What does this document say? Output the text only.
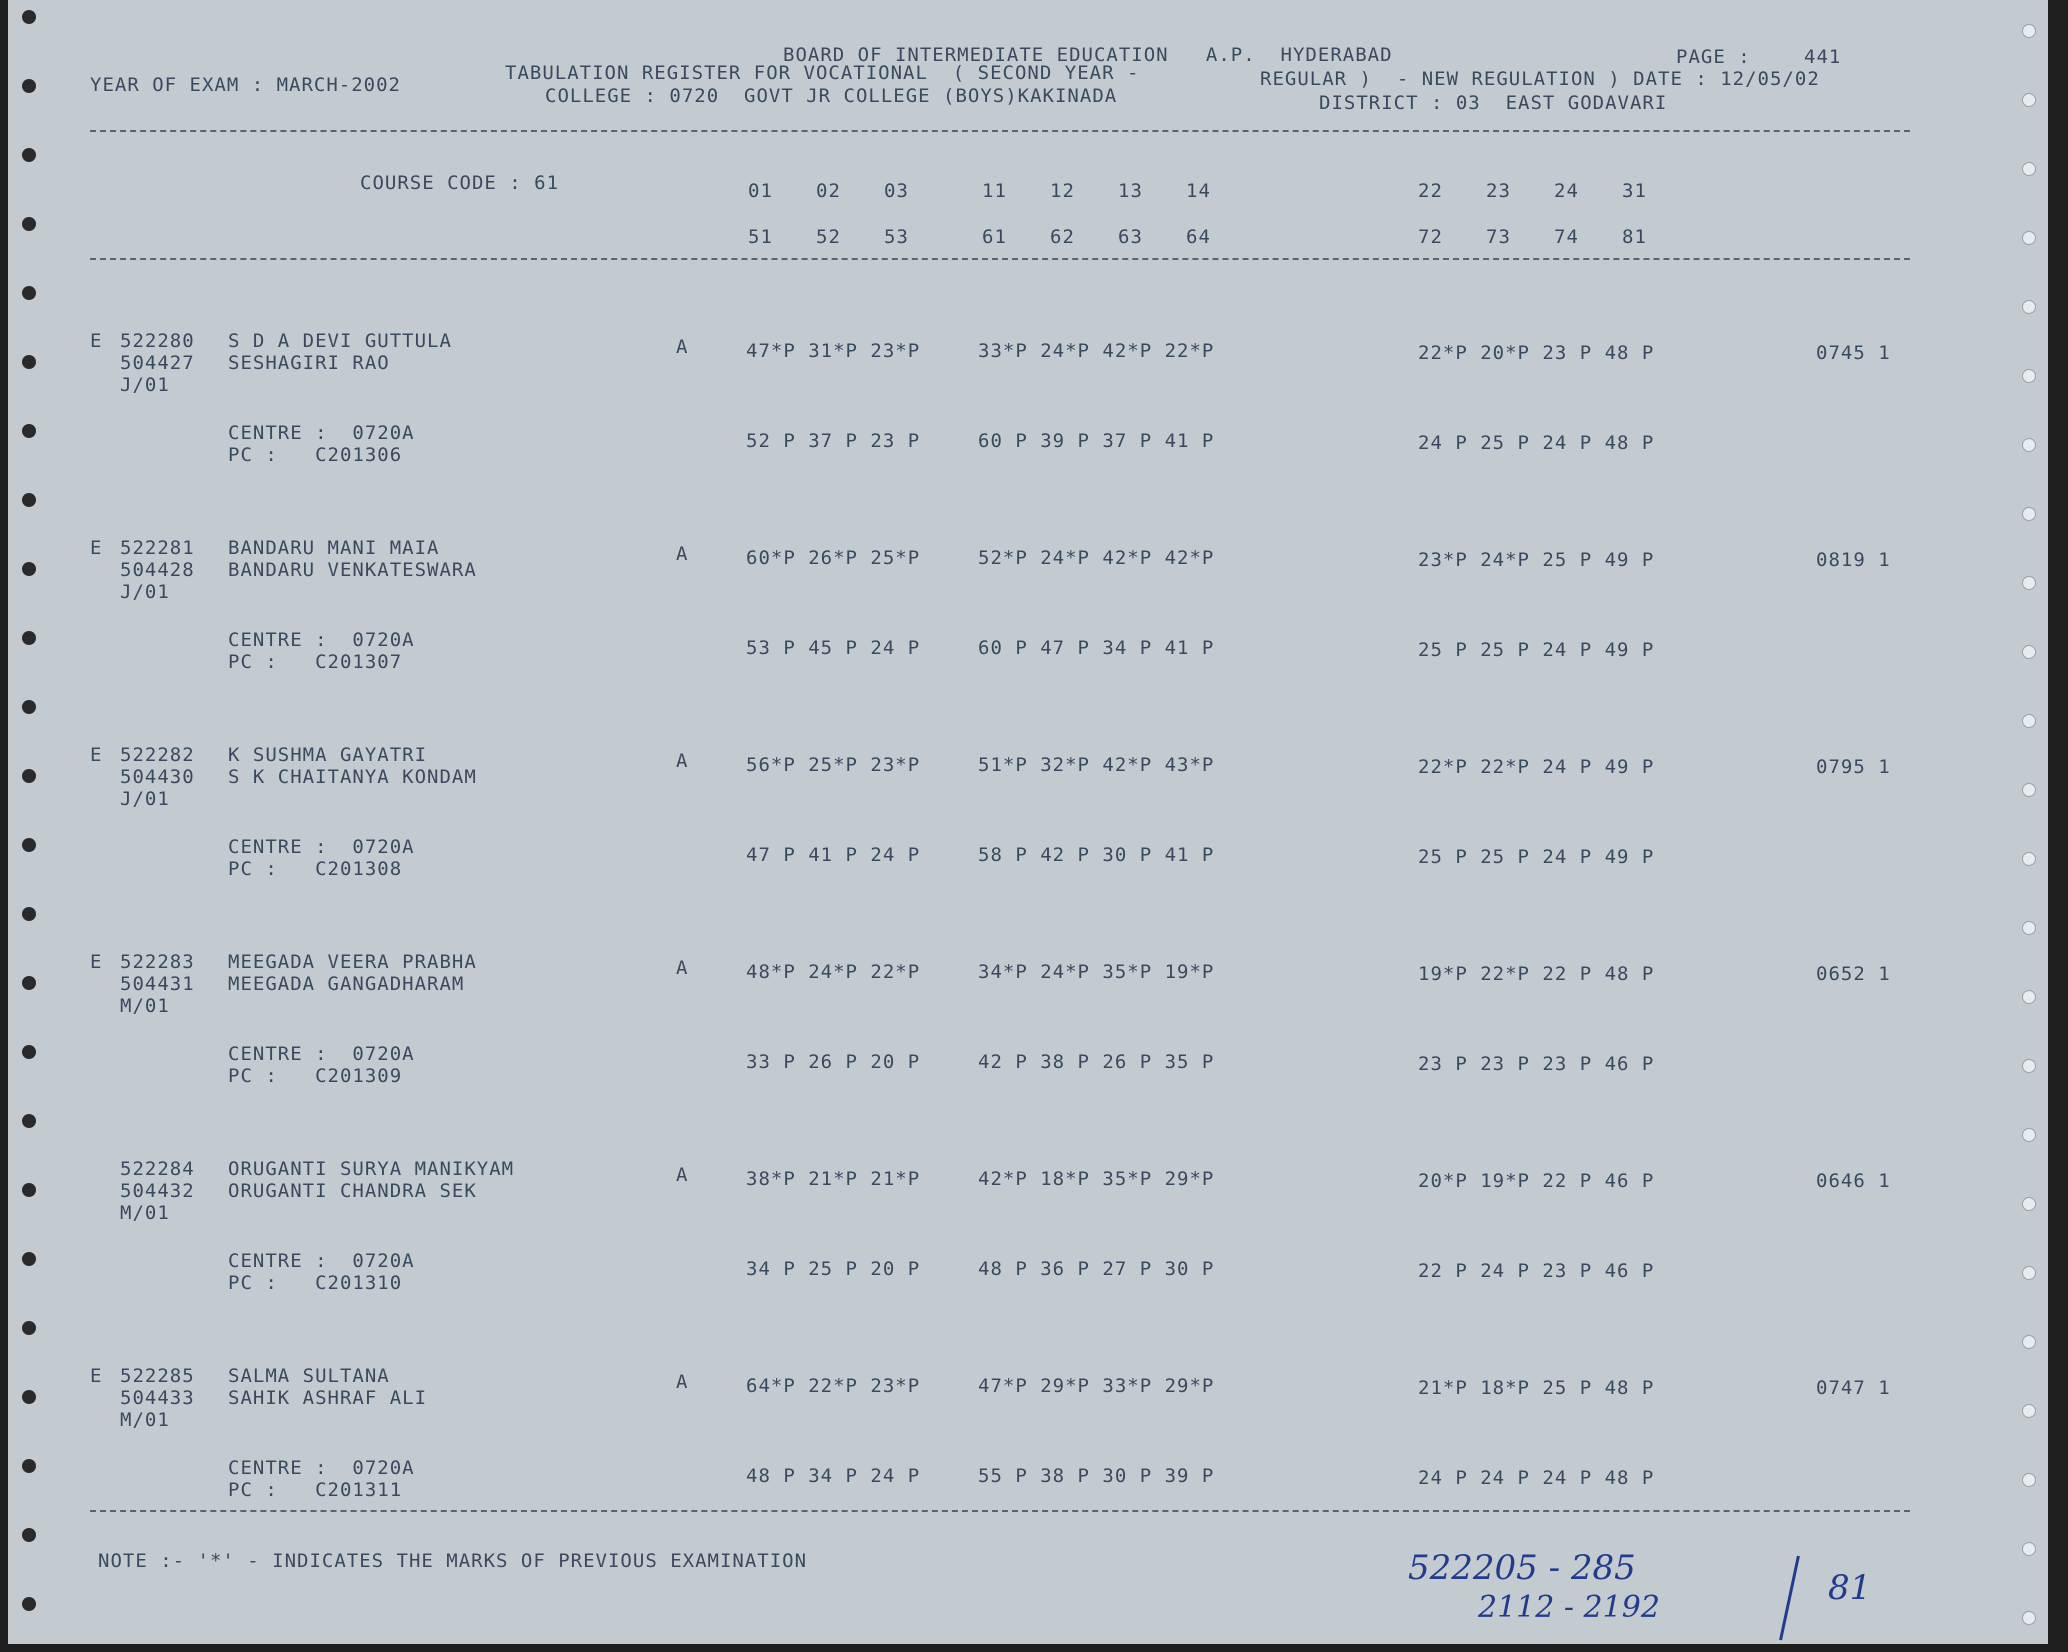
YEAR OF EXAM : MARCH-2002
BOARD OF INTERMEDIATE EDUCATION   A.P.  HYDERABAD	PAGE :	441
TABULATION REGISTER FOR VOCATIONAL  ( SECOND YEAR -	REGULAR )  - NEW REGULATION ) DATE : 12/05/02
COLLEGE : 0720  GOVT JR COLLEGE (BOYS)KAKINADA	DISTRICT : 03  EAST GODAVARI
COURSE CODE : 61	01 02 03	11 12 13 14	22 23 24 31
51 52 53	61 62 63 64	72 73 74 81
E 522280 S D A DEVI GUTTULA
504427 SESHAGIRI RAO
J/01
A	47*P 31*P 23*P	33*P 24*P 42*P 22*P	22*P 20*P 23 P 48 P	0745 1
CENTRE :  0720A
PC :   C201306
52 P 37 P 23 P	60 P 39 P 37 P 41 P	24 P 25 P 24 P 48 P
E 522281 BANDARU MANI MAIA
504428 BANDARU VENKATESWARA
J/01
A	60*P 26*P 25*P	52*P 24*P 42*P 42*P	23*P 24*P 25 P 49 P	0819 1
CENTRE :  0720A
PC :   C201307
53 P 45 P 24 P	60 P 47 P 34 P 41 P	25 P 25 P 24 P 49 P
E 522282 K SUSHMA GAYATRI
504430 S K CHAITANYA KONDAM
J/01
A	56*P 25*P 23*P	51*P 32*P 42*P 43*P	22*P 22*P 24 P 49 P	0795 1
CENTRE :  0720A
PC :   C201308
47 P 41 P 24 P	58 P 42 P 30 P 41 P	25 P 25 P 24 P 49 P
E 522283 MEEGADA VEERA PRABHA
504431 MEEGADA GANGADHARAM
M/01
A	48*P 24*P 22*P	34*P 24*P 35*P 19*P	19*P 22*P 22 P 48 P	0652 1
CENTRE :  0720A
PC :   C201309
33 P 26 P 20 P	42 P 38 P 26 P 35 P	23 P 23 P 23 P 46 P
522284 ORUGANTI SURYA MANIKYAM
504432 ORUGANTI CHANDRA SEK
M/01
A	38*P 21*P 21*P	42*P 18*P 35*P 29*P	20*P 19*P 22 P 46 P	0646 1
CENTRE :  0720A
PC :   C201310
34 P 25 P 20 P	48 P 36 P 27 P 30 P	22 P 24 P 23 P 46 P
E 522285 SALMA SULTANA
504433 SAHIK ASHRAF ALI
M/01
A	64*P 22*P 23*P	47*P 29*P 33*P 29*P	21*P 18*P 25 P 48 P	0747 1
CENTRE :  0720A
PC :   C201311
48 P 34 P 24 P	55 P 38 P 30 P 39 P	24 P 24 P 24 P 48 P
NOTE :- '*' - INDICATES THE MARKS OF PREVIOUS EXAMINATION	522205 - 285
2112 - 2192	81
